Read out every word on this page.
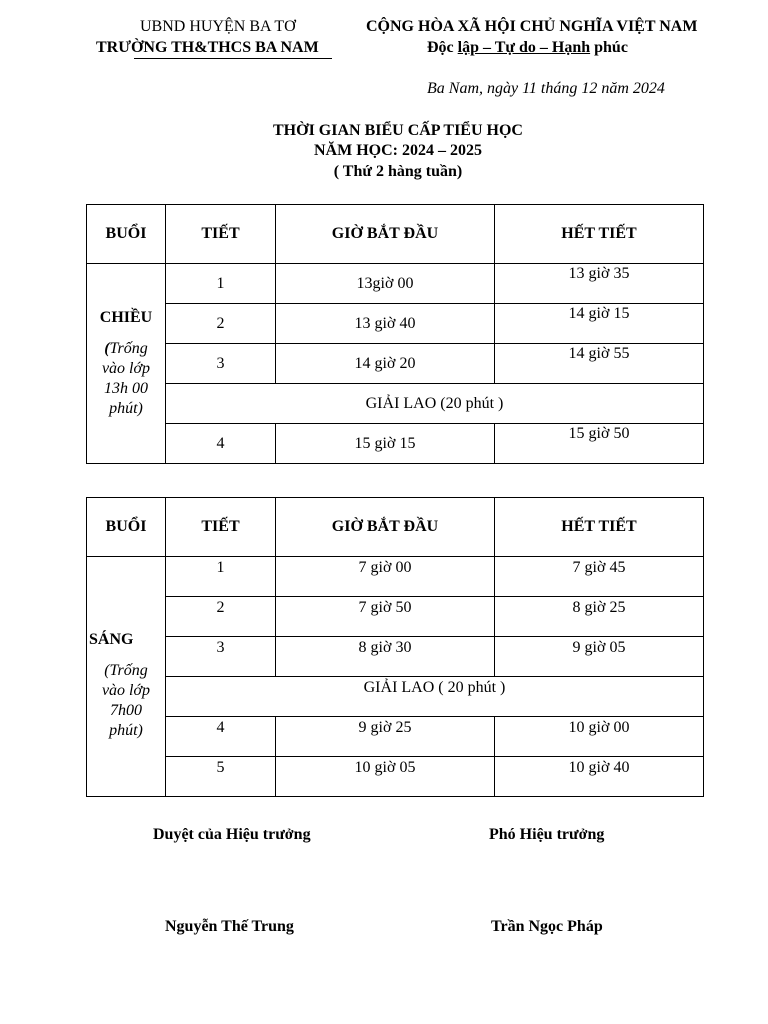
UBND HUYỆN BA TƠ
TRƯỜNG TH&THCS BA NAM
CỘNG HÒA XÃ HỘI CHỦ NGHĨA VIỆT NAM
Độc lập – Tự do – Hạnh phúc
Ba Nam, ngày 11 tháng 12 năm 2024
THỜI GIAN BIỂU CẤP TIỂU HỌC
NĂM HỌC: 2024 – 2025
( Thứ 2 hàng tuần)
BUỔI	TIẾT	GIỜ BẮT ĐẦU	HẾT TIẾT

CHIỀU
(Trống
vào lớp
13h 00
phút)	1	13giờ 00	13 giờ 35
	2	13 giờ 40	14 giờ 15
	3	14 giờ 20	14 giờ 55
	GIẢI LAO (20 phút )		
	4	15 giờ 15	15 giờ 50
BUỔI	TIẾT	GIỜ BẮT ĐẦU	HẾT TIẾT

SÁNG
(Trống
vào lớp
7h00
phút)	1	7 giờ 00	7 giờ 45
	2	7 giờ 50	8 giờ 25
	3	8 giờ 30	9 giờ 05
	GIẢI LAO ( 20 phút )		
	4	9 giờ 25	10 giờ 00
	5	10 giờ 05	10 giờ 40
Duyệt của Hiệu trưởng	Phó Hiệu trưởng
Nguyễn Thế Trung	Trần Ngọc Pháp
